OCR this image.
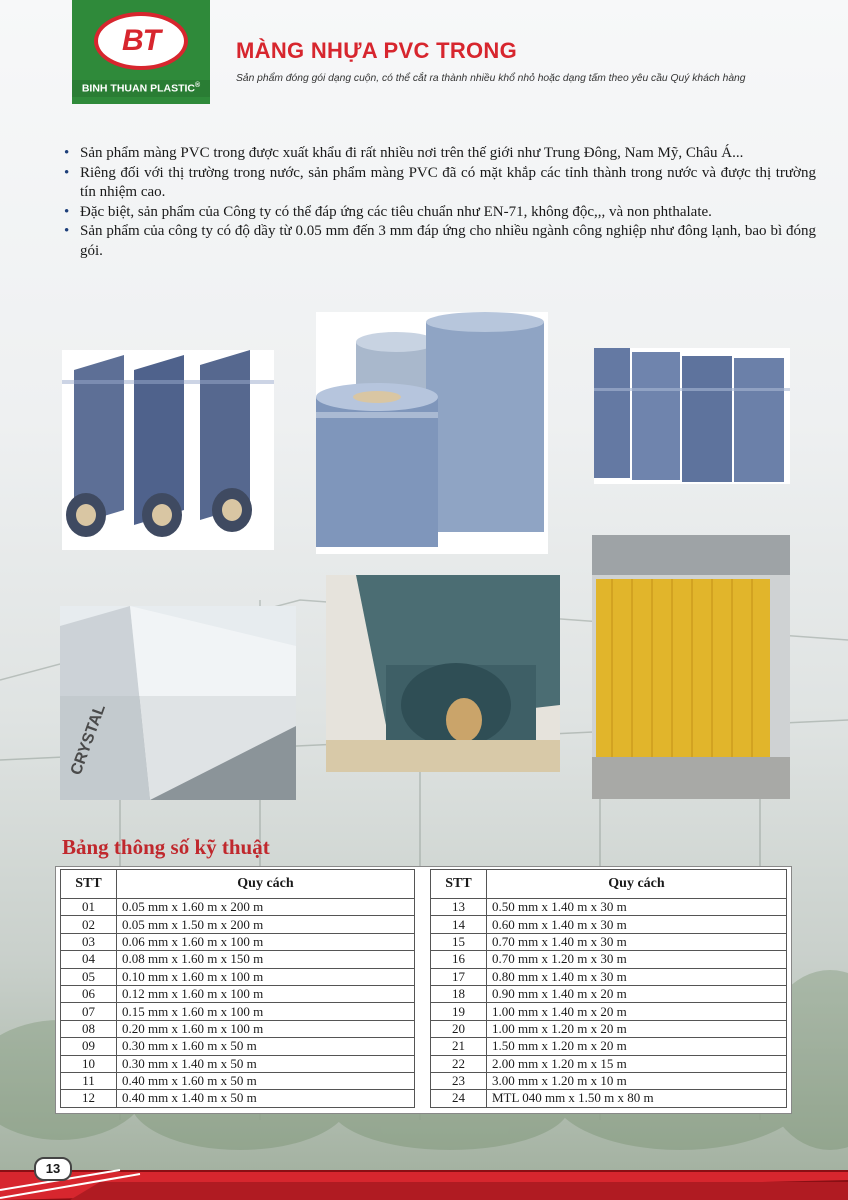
BT
BINH THUAN PLASTIC®
MÀNG NHỰA PVC TRONG
Sản phẩm đóng gói dạng cuộn, có thể cắt ra thành nhiều khổ nhỏ hoặc dạng tấm theo yêu cầu Quý khách hàng
• Sản phẩm màng PVC trong được xuất khẩu đi rất nhiều nơi trên thế giới như Trung Đông, Nam Mỹ, Châu Á...
• Riêng đối với thị trường trong nước, sản phẩm màng PVC đã có mặt khắp các tỉnh thành trong nước và được thị trường tín nhiệm cao.
• Đặc biệt, sản phẩm của Công ty có thể đáp ứng các tiêu chuẩn như EN-71, không độc,,, và non phthalate.
• Sản phẩm của công ty có độ dầy từ 0.05 mm đến 3 mm đáp ứng cho nhiều ngành công nghiệp như đông lạnh, bao bì đóng gói.
CRYSTAL
Bảng thông số kỹ thuật
STT	Quy cách
01	0.05 mm x 1.60 m x 200 m
02	0.05 mm x 1.50 m x 200 m
03	0.06 mm x 1.60 m x 100 m
04	0.08 mm x 1.60 m x 150 m
05	0.10 mm x 1.60 m x 100 m
06	0.12 mm x 1.60 m x 100 m
07	0.15 mm x 1.60 m x 100 m
08	0.20 mm x 1.60 m x 100 m
09	0.30 mm x 1.60 m x 50 m
10	0.30 mm x 1.40 m x 50 m
11	0.40 mm x 1.60 m x 50 m
12	0.40 mm x 1.40 m x 50 m
STT	Quy cách
13	0.50 mm x 1.40 m x 30 m
14	0.60 mm x 1.40 m x 30 m
15	0.70 mm x 1.40 m x 30 m
16	0.70 mm x 1.20 m x 30 m
17	0.80 mm x 1.40 m x 30 m
18	0.90 mm x 1.40 m x 20 m
19	1.00 mm x 1.40 m x 20 m
20	1.00 mm x 1.20 m x 20 m
21	1.50 mm x 1.20 m x 20 m
22	2.00 mm x 1.20 m x 15 m
23	3.00 mm x 1.20 m x 10 m
24	MTL 040 mm x 1.50 m x 80 m
13
